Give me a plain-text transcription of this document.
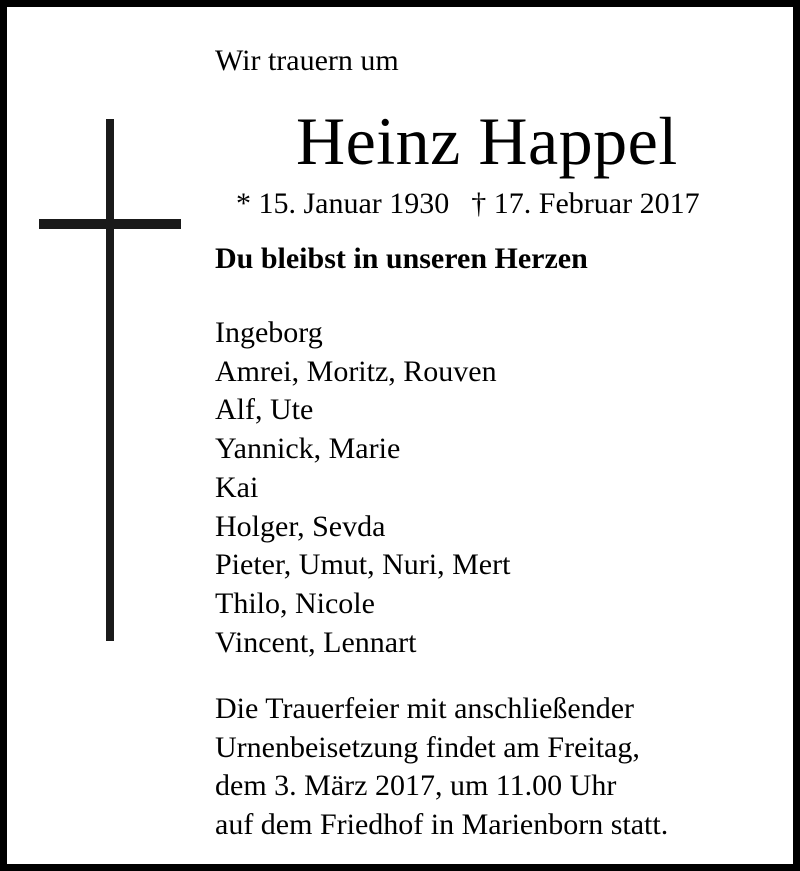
Wir trauern um
Heinz Happel
* 15. Januar 1930 † 17. Februar 2017
Du bleibst in unseren Herzen
Ingeborg
Amrei, Moritz, Rouven
Alf, Ute
Yannick, Marie
Kai
Holger, Sevda
Pieter, Umut, Nuri, Mert
Thilo, Nicole
Vincent, Lennart
Die Trauerfeier mit anschließender
Urnenbeisetzung findet am Freitag,
dem 3. März 2017, um 11.00 Uhr
auf dem Friedhof in Marienborn statt.
